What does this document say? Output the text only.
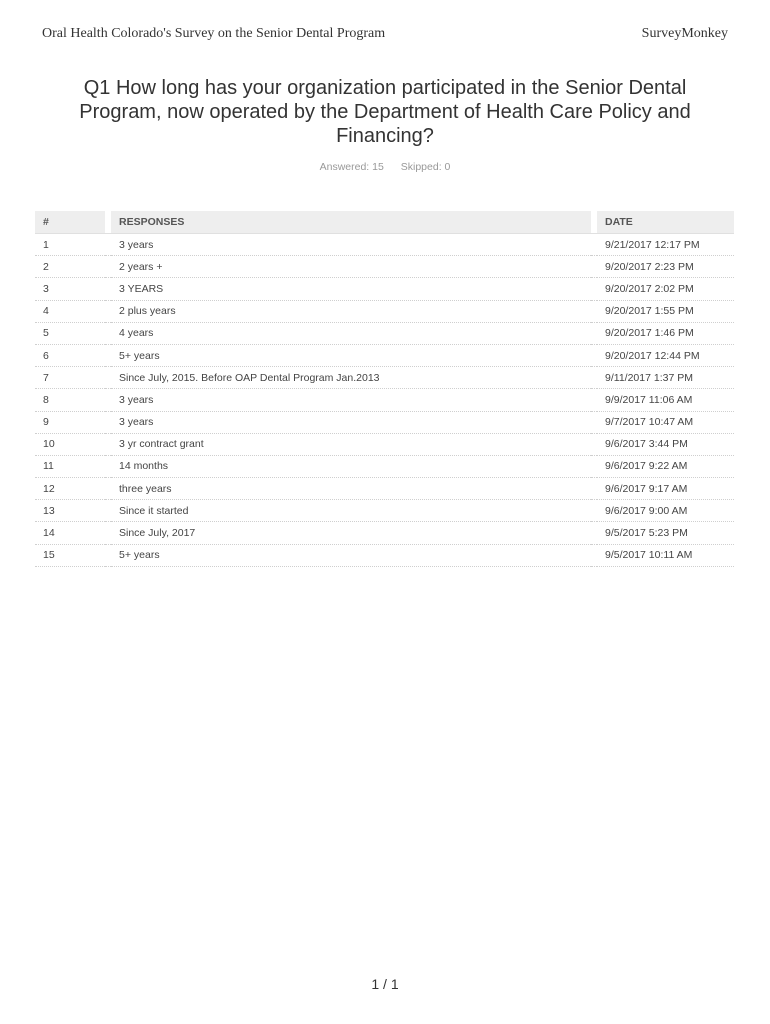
Oral Health Colorado's Survey on the Senior Dental Program	SurveyMonkey
Q1 How long has your organization participated in the Senior Dental Program, now operated by the Department of Health Care Policy and Financing?
Answered: 15 Skipped: 0
#		RESPONSES		DATE
1		3 years		9/21/2017 12:17 PM
2		2 years +		9/20/2017 2:23 PM
3		3 YEARS		9/20/2017 2:02 PM
4		2 plus years		9/20/2017 1:55 PM
5		4 years		9/20/2017 1:46 PM
6		5+ years		9/20/2017 12:44 PM
7		Since July, 2015. Before OAP Dental Program Jan.2013		9/11/2017 1:37 PM
8		3 years		9/9/2017 11:06 AM
9		3 years		9/7/2017 10:47 AM
10		3 yr contract grant		9/6/2017 3:44 PM
11		14 months		9/6/2017 9:22 AM
12		three years		9/6/2017 9:17 AM
13		Since it started		9/6/2017 9:00 AM
14		Since July, 2017		9/5/2017 5:23 PM
15		5+ years		9/5/2017 10:11 AM
1 / 1
